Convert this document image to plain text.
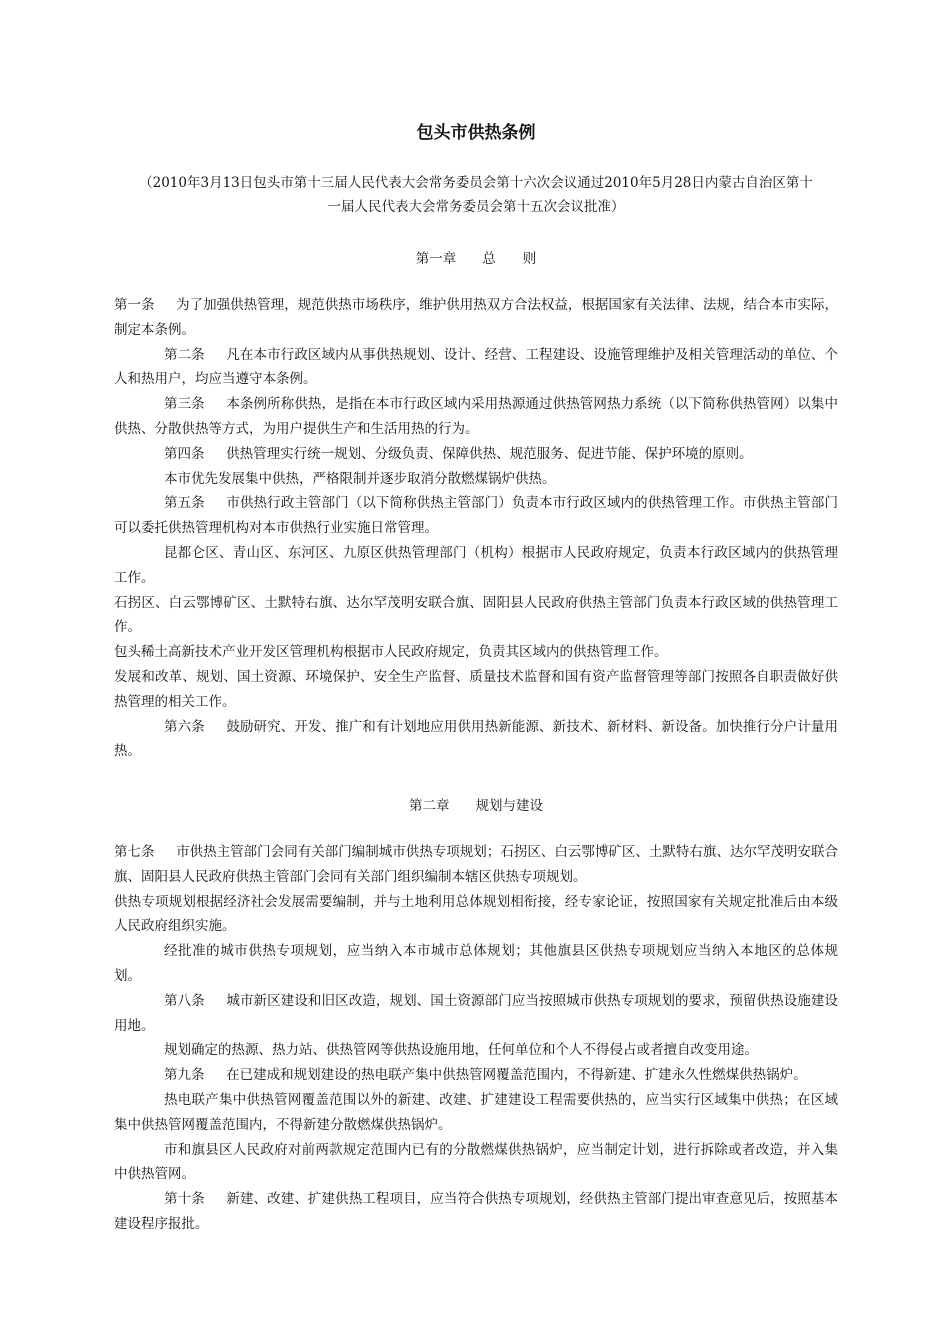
包头市供热条例
（2010年3月13日包头市第十三届人民代表大会常务委员会第十六次会议通过2010年5月28日内蒙古自治区第十
一届人民代表大会常务委员会第十五次会议批准）
第一章 总　　则

第一条 为了加强供热管理，规范供热市场秩序，维护供用热双方合法权益，根据国家有关法律、法规，结合本市实际，制定本条例。

第二条 凡在本市行政区域内从事供热规划、设计、经营、工程建设、设施管理维护及相关管理活动的单位、个人和热用户，均应当遵守本条例。

第三条 本条例所称供热，是指在本市行政区域内采用热源通过供热管网热力系统（以下简称供热管网）以集中供热、分散供热等方式，为用户提供生产和生活用热的行为。

第四条 供热管理实行统一规划、分级负责、保障供热、规范服务、促进节能、保护环境的原则。

本市优先发展集中供热，严格限制并逐步取消分散燃煤锅炉供热。

第五条 市供热行政主管部门（以下简称供热主管部门）负责本市行政区域内的供热管理工作。市供热主管部门可以委托供热管理机构对本市供热行业实施日常管理。

昆都仑区、青山区、东河区、九原区供热管理部门（机构）根据市人民政府规定，负责本行政区域内的供热管理工作。

石拐区、白云鄂博矿区、土默特右旗、达尔罕茂明安联合旗、固阳县人民政府供热主管部门负责本行政区域的供热管理工作。

包头稀土高新技术产业开发区管理机构根据市人民政府规定，负责其区域内的供热管理工作。

发展和改革、规划、国土资源、环境保护、安全生产监督、质量技术监督和国有资产监督管理等部门按照各自职责做好供热管理的相关工作。

第六条 鼓励研究、开发、推广和有计划地应用供用热新能源、新技术、新材料、新设备。加快推行分户计量用热。

第二章 规划与建设

第七条 市供热主管部门会同有关部门编制城市供热专项规划；石拐区、白云鄂博矿区、土默特右旗、达尔罕茂明安联合旗、固阳县人民政府供热主管部门会同有关部门组织编制本辖区供热专项规划。

供热专项规划根据经济社会发展需要编制，并与土地利用总体规划相衔接，经专家论证，按照国家有关规定批准后由本级人民政府组织实施。

经批准的城市供热专项规划，应当纳入本市城市总体规划；其他旗县区供热专项规划应当纳入本地区的总体规划。

第八条 城市新区建设和旧区改造，规划、国土资源部门应当按照城市供热专项规划的要求，预留供热设施建设用地。

规划确定的热源、热力站、供热管网等供热设施用地，任何单位和个人不得侵占或者擅自改变用途。

第九条 在已建成和规划建设的热电联产集中供热管网覆盖范围内，不得新建、扩建永久性燃煤供热锅炉。

热电联产集中供热管网覆盖范围以外的新建、改建、扩建建设工程需要供热的，应当实行区域集中供热；在区域集中供热管网覆盖范围内，不得新建分散燃煤供热锅炉。

市和旗县区人民政府对前两款规定范围内已有的分散燃煤供热锅炉，应当制定计划，进行拆除或者改造，并入集中供热管网。

第十条 新建、改建、扩建供热工程项目，应当符合供热专项规划，经供热主管部门提出审查意见后，按照基本建设程序报批。
